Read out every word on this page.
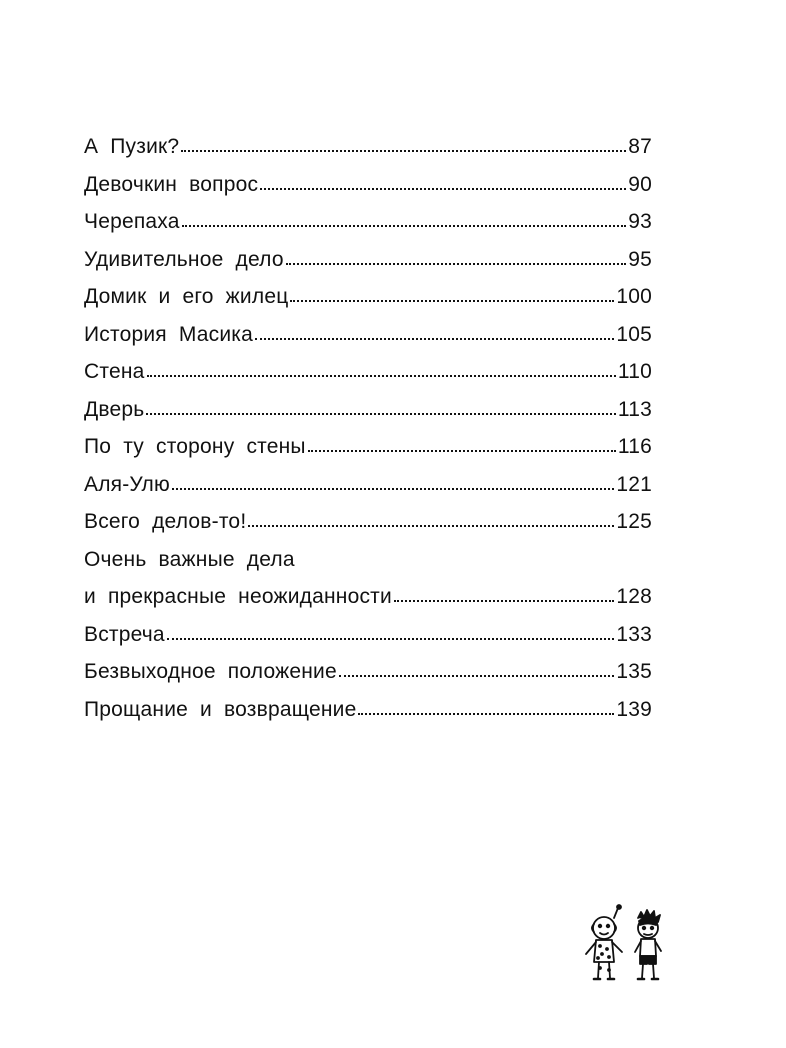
А Пузик?	87
Девочкин вопрос	90
Черепаха	93
Удивительное дело	95
Домик и его жилец	100
История Масика	105
Стена	110
Дверь	113
По ту сторону стены	116
Аля-Улю	121
Всего делов-то!	125
Очень важные дела
и прекрасные неожиданности	128
Встреча	133
Безвыходное положение	135
Прощание и возвращение	139
